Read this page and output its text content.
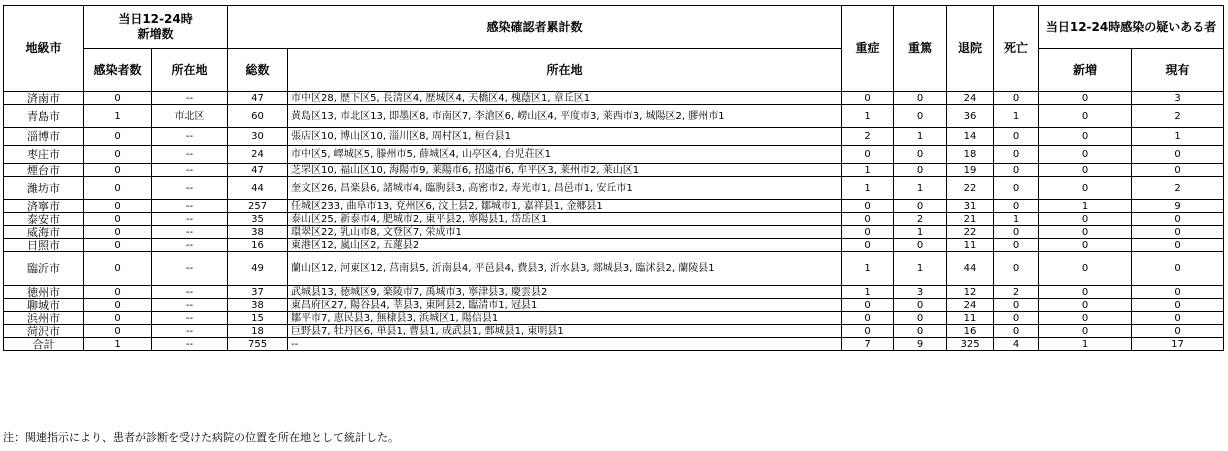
地級市	当日12-24時
新増数		感染確認者累計数		重症	重篤	退院	死亡	当日12-24時感染の疑いある者	
	感染者数	所在地	総数	所在地					新増	現有
済南市	0	--	47	市中区28, 歴下区5, 長清区4, 歴城区4, 天橋区4, 槐蔭区1, 章丘区1	0	0	24	0	0	3
青島市	1	市北区	60	黄島区13, 市北区13, 即墨区8, 市南区7, 李滄区6, 嶗山区4, 平度市3, 莱西市3, 城陽区2, 膠州市1	1	0	36	1	0	2
淄博市	0	--	30	張店区10, 博山区10, 淄川区8, 周村区1, 桓台县1	2	1	14	0	0	1
枣庄市	0	--	24	市中区5, 嶧城区5, 滕州市5, 薛城区4, 山亭区4, 台児荘区1	0	0	18	0	0	0
煙台市	0	--	47	芝罘区10, 福山区10, 海陽市9, 莱陽市6, 招遠市6, 牟平区3, 莱州市2, 莱山区1	1	0	19	0	0	0
濰坊市	0	--	44	奎文区26, 昌楽县6, 諸城市4, 臨朐县3, 高密市2, 寿光市1, 昌邑市1, 安丘市1	1	1	22	0	0	2
済寧市	0	--	257	任城区233, 曲阜市13, 兗州区6, 汶上县2, 鄒城市1, 嘉祥县1, 金郷县1	0	0	31	0	1	9
泰安市	0	--	35	泰山区25, 新泰市4, 肥城市2, 東平县2, 寧陽县1, 岱岳区1	0	2	21	1	0	0
威海市	0	--	38	環翠区22, 乳山市8, 文登区7, 栄成市1	0	1	22	0	0	0
日照市	0	--	16	東港区12, 嵐山区2, 五蓮县2	0	0	11	0	0	0
臨沂市	0	--	49	蘭山区12, 河東区12, 莒南县5, 沂南县4, 平邑县4, 費县3, 沂水县3, 郯城县3, 臨沭县2, 蘭陵县1	1	1	44	0	0	0
徳州市	0	--	37	武城县13, 徳城区9, 楽陵市7, 禹城市3, 寧津县3, 慶雲县2	1	3	12	2	0	0
聊城市	0	--	38	東昌府区27, 陽谷县4, 莘县3, 東阿县2, 臨清市1, 冠县1	0	0	24	0	0	0
浜州市	0	--	15	鄒平市7, 恵民县3, 無棣县3, 浜城区1, 陽信县1	0	0	11	0	0	0
菏沢市	0	--	18	巨野县7, 牡丹区6, 単县1, 曹县1, 成武县1, 鄄城县1, 東明县1	0	0	16	0	0	0
合計	1	--	755	--	7	9	325	4	1	17
注：関連指示により、患者が診断を受けた病院の位置を所在地として統計した。
